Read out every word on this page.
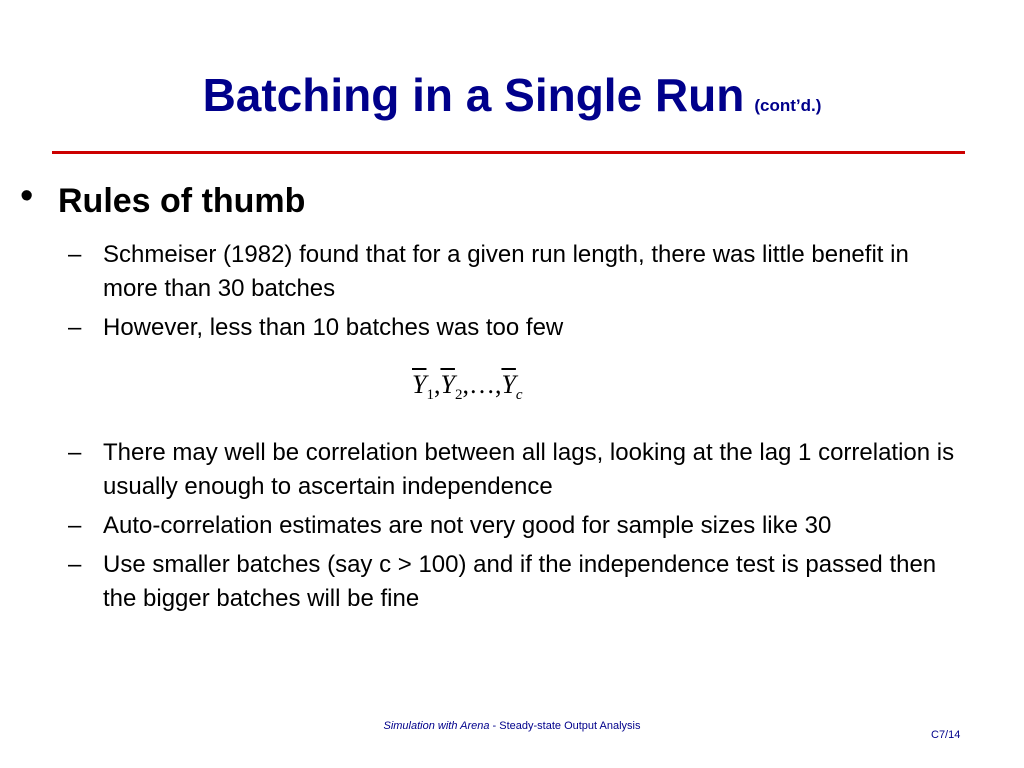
Batching in a Single Run (cont’d.)
• Rules of thumb
– Schmeiser (1982) found that for a given run length, there was little benefit in more than 30 batches
– However, less than 10 batches was too few
$\overline{Y}_1,\overline{Y}_2,\dots,\overline{Y}_c$
– There may well be correlation between all lags, looking at the lag 1 correlation is usually enough to ascertain independence
– Auto-correlation estimates are not very good for sample sizes like 30
– Use smaller batches (say c > 100) and if the independence test is passed then the bigger batches will be fine
Simulation with Arena - Steady-state Output Analysis
C7/14
